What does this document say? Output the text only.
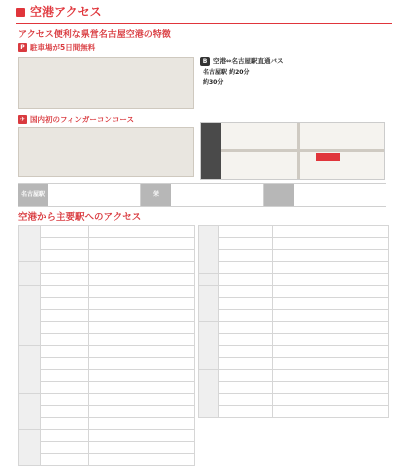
空港アクセス
アクセス便利な県営名古屋空港の特徴
P 駐車場が5日間無料
✈ 国内初のフィンガーコンコース
B 空港⇔名古屋駅直通バス
名古屋駅 約20分
約30分
名古屋駅	栄
空港から主要駅へのアクセス
